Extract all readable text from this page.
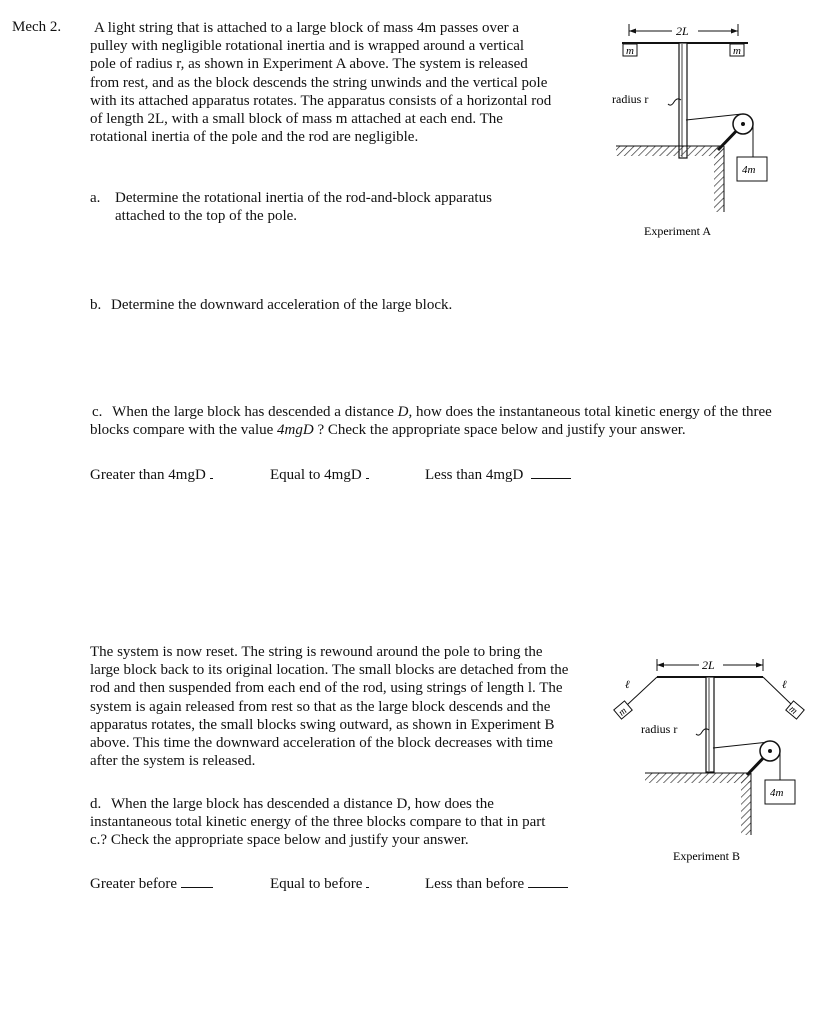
Mech 2. A light string that is attached to a large block of mass 4m passes over a pulley with negligible rotational inertia and is wrapped around a vertical pole of radius r, as shown in Experiment A above. The system is released from rest, and as the block descends the string unwinds and the vertical pole with its attached apparatus rotates. The apparatus consists of a horizontal rod of length 2L, with a small block of mass m attached at each end. The rotational inertia of the pole and the rod are negligible.
a. Determine the rotational inertia of the rod-and-block apparatus attached to the top of the pole.
b. Determine the downward acceleration of the large block.
c. When the large block has descended a distance D, how does the instantaneous total kinetic energy of the three blocks compare with the value 4mgD ? Check the appropriate space below and justify your answer.
Greater than 4mgD	Equal to 4mgD	Less than 4mgD
The system is now reset. The string is rewound around the pole to bring the large block back to its original location. The small blocks are detached from the rod and then suspended from each end of the rod, using strings of length l. The system is again released from rest so that as the large block descends and the apparatus rotates, the small blocks swing outward, as shown in Experiment B above. This time the downward acceleration of the block decreases with time after the system is released.
d. When the large block has descended a distance D, how does the instantaneous total kinetic energy of the three blocks compare to that in part c.? Check the appropriate space below and justify your answer.
Greater before	Equal to before	Less than before
2L
m	m
radius r
4m
Experiment A
2L
ℓ	ℓ
m	m
radius r
4m
Experiment B
